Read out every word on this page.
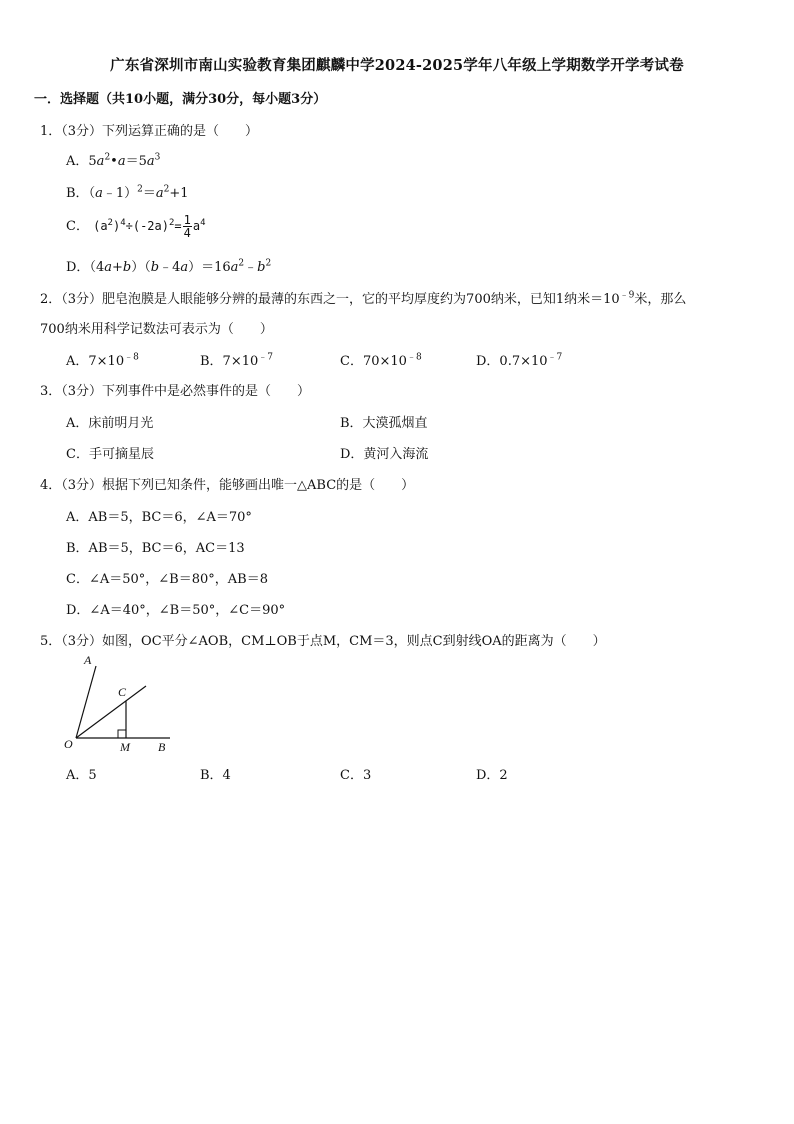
广东省深圳市南山实验教育集团麒麟中学2024-2025学年八年级上学期数学开学考试卷
一．选择题（共10小题，满分30分，每小题3分）
1．（3分）下列运算正确的是（　　）
A．$5a^2•a=5a^3$
B．$(a﹣1)^2=a^2+1$
C． $(a^2)^4\div(-2a)^2= \frac{1}{4} a^4$
D．$(4a+b)(b﹣4a)=16a^2﹣b^2$
2．（3分）肥皂泡膜是人眼能够分辨的最薄的东西之一，它的平均厚度约为700纳米，已知1纳米$=10^{﹣9}$米，那么
700纳米用科学记数法可表示为（　　）
A．$7\times 10^{﹣8}$	B．$7\times 10^{﹣7}$	C．$70\times 10^{﹣8}$	D．$0.7\times 10^{﹣7}$
3．（3分）下列事件中是必然事件的是（　　）
A．床前明月光	B．大漠孤烟直
C．手可摘星辰	D．黄河入海流
4．（3分）根据下列已知条件，能够画出唯一△ABC的是（　　）
A．AB＝5，BC＝6，∠A＝70°
B．AB＝5，BC＝6，AC＝13
C．∠A＝50°，∠B＝80°，AB＝8
D．∠A＝40°，∠B＝50°，∠C＝90°
5．（3分）如图，OC平分∠AOB，CM⊥OB于点M，CM＝3，则点C到射线OA的距离为（　　）
A
C
O	M B
A．5	B．4	C．3	D．2
